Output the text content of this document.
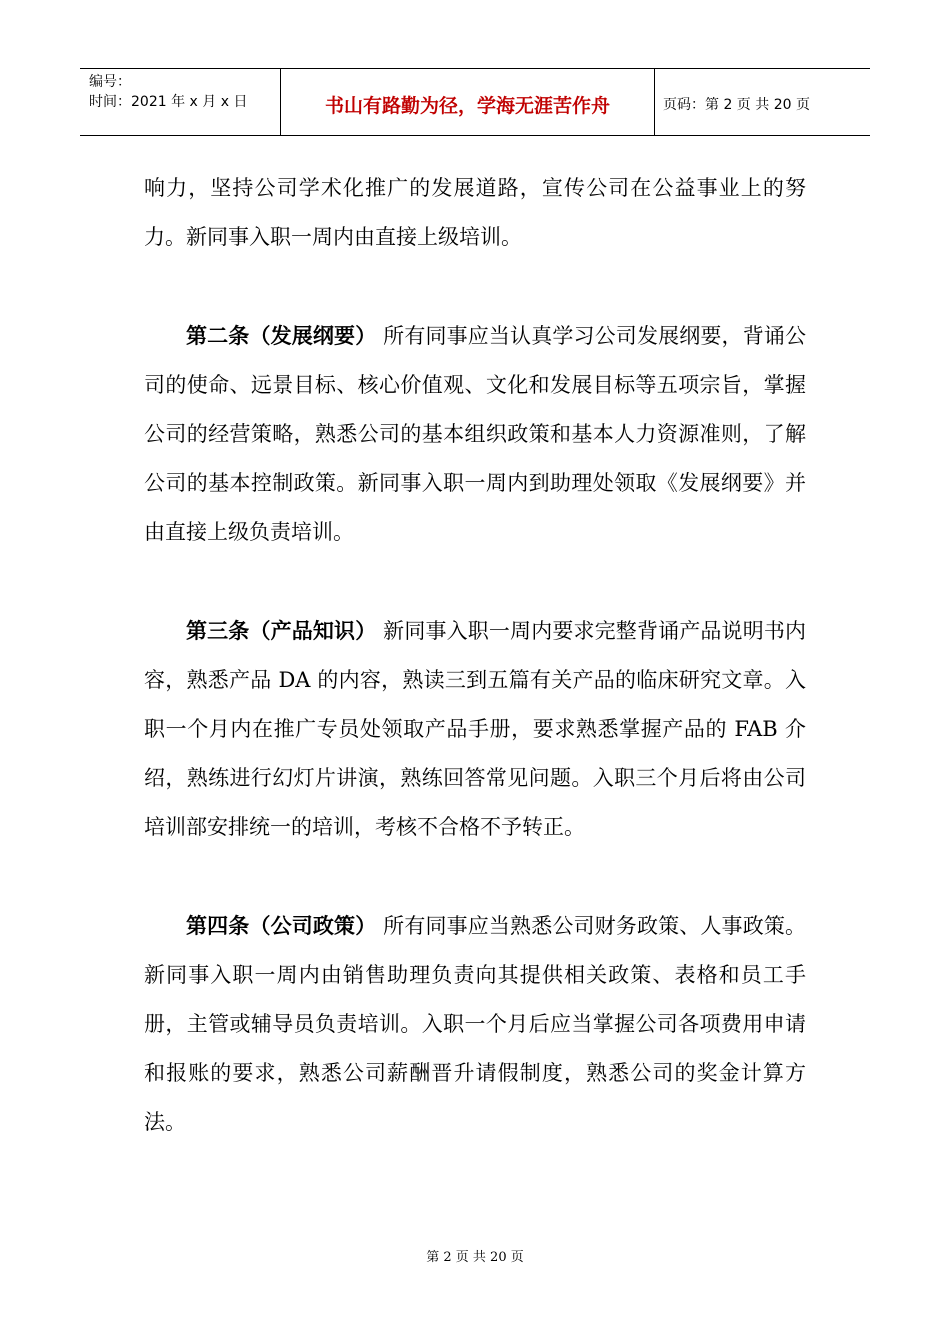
编号：
时间：2021 年 x 月 x 日	书山有路勤为径，学海无涯苦作舟	页码：第 2 页 共 20 页

响力，坚持公司学术化推广的发展道路，宣传公司在公益事业上的努力。新同事入职一周内由直接上级培训。

第二条（发展纲要） 所有同事应当认真学习公司发展纲要，背诵公司的使命、远景目标、核心价值观、文化和发展目标等五项宗旨，掌握公司的经营策略，熟悉公司的基本组织政策和基本人力资源准则，了解公司的基本控制政策。新同事入职一周内到助理处领取《发展纲要》并由直接上级负责培训。

第三条（产品知识） 新同事入职一周内要求完整背诵产品说明书内容，熟悉产品 DA 的内容，熟读三到五篇有关产品的临床研究文章。入职一个月内在推广专员处领取产品手册，要求熟悉掌握产品的 FAB 介绍，熟练进行幻灯片讲演，熟练回答常见问题。入职三个月后将由公司培训部安排统一的培训，考核不合格不予转正。

第四条（公司政策） 所有同事应当熟悉公司财务政策、人事政策。新同事入职一周内由销售助理负责向其提供相关政策、表格和员工手册，主管或辅导员负责培训。入职一个月后应当掌握公司各项费用申请和报账的要求，熟悉公司薪酬晋升请假制度，熟悉公司的奖金计算方法。

第 2 页 共 20 页
